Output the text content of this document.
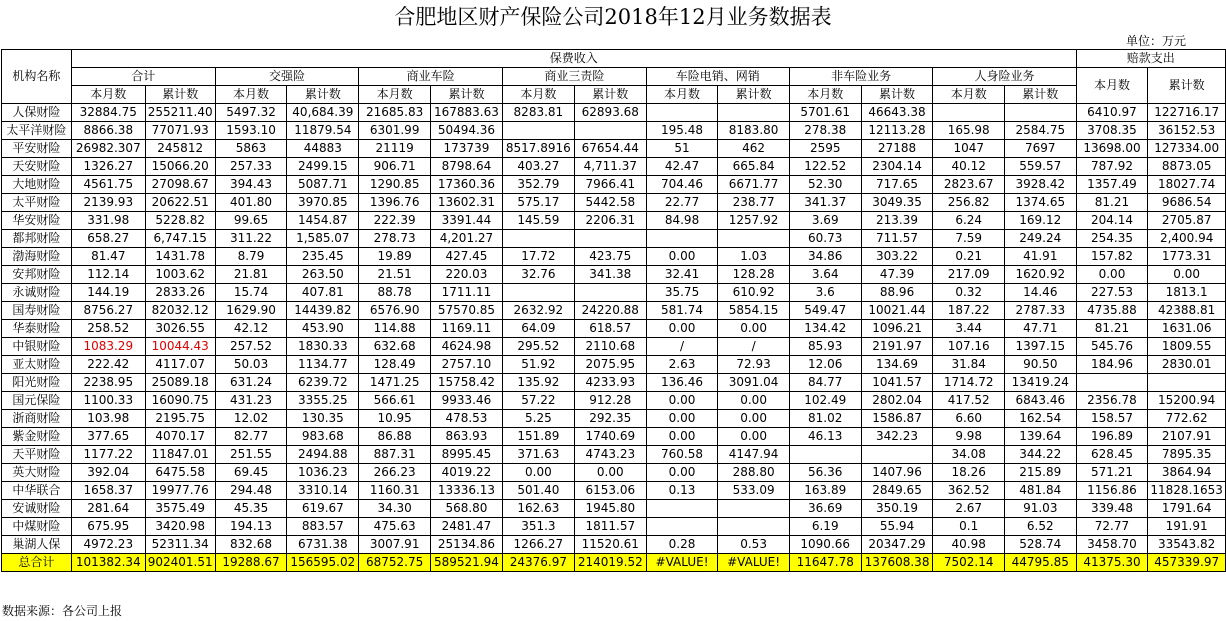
合肥地区财产保险公司2018年12月业务数据表
单位：万元
机构名称	保费收入														赔款支出	
	合计		交强险		商业车险		商业三责险		车险电销、网销		非车险业务		人身险业务		本月数	累计数
	本月数	累计数	本月数	累计数	本月数	累计数	本月数	累计数	本月数	累计数	本月数	累计数	本月数	累计数		
人保财险	32884.75	255211.40	5497.32	40,684.39	21685.83	167883.63	8283.81	62893.68			5701.61	46643.38			6410.97	122716.17
太平洋财险	8866.38	77071.93	1593.10	11879.54	6301.99	50494.36			195.48	8183.80	278.38	12113.28	165.98	2584.75	3708.35	36152.53
平安财险	26982.307	245812	5863	44883	21119	173739	8517.8916	67654.44	51	462	2595	27188	1047	7697	13698.00	127334.00
天安财险	1326.27	15066.20	257.33	2499.15	906.71	8798.64	403.27	4,711.37	42.47	665.84	122.52	2304.14	40.12	559.57	787.92	8873.05
大地财险	4561.75	27098.67	394.43	5087.71	1290.85	17360.36	352.79	7966.41	704.46	6671.77	52.30	717.65	2823.67	3928.42	1357.49	18027.74
太平财险	2139.93	20622.51	401.80	3970.85	1396.76	13602.31	575.17	5442.58	22.77	238.77	341.37	3049.35	256.82	1374.65	81.21	9686.54
华安财险	331.98	5228.82	99.65	1454.87	222.39	3391.44	145.59	2206.31	84.98	1257.92	3.69	213.39	6.24	169.12	204.14	2705.87
都邦财险	658.27	6,747.15	311.22	1,585.07	278.73	4,201.27					60.73	711.57	7.59	249.24	254.35	2,400.94
渤海财险	81.47	1431.78	8.79	235.45	19.89	427.45	17.72	423.75	0.00	1.03	34.86	303.22	0.21	41.91	157.82	1773.31
安邦财险	112.14	1003.62	21.81	263.50	21.51	220.03	32.76	341.38	32.41	128.28	3.64	47.39	217.09	1620.92	0.00	0.00
永诚财险	144.19	2833.26	15.74	407.81	88.78	1711.11			35.75	610.92	3.6	88.96	0.32	14.46	227.53	1813.1
国寿财险	8756.27	82032.12	1629.90	14439.82	6576.90	57570.85	2632.92	24220.88	581.74	5854.15	549.47	10021.44	187.22	2787.33	4735.88	42388.81
华泰财险	258.52	3026.55	42.12	453.90	114.88	1169.11	64.09	618.57	0.00	0.00	134.42	1096.21	3.44	47.71	81.21	1631.06
中银财险	1083.29	10044.43	257.52	1830.33	632.68	4624.98	295.52	2110.68	/	/	85.93	2191.97	107.16	1397.15	545.76	1809.55
亚太财险	222.42	4117.07	50.03	1134.77	128.49	2757.10	51.92	2075.95	2.63	72.93	12.06	134.69	31.84	90.50	184.96	2830.01
阳光财险	2238.95	25089.18	631.24	6239.72	1471.25	15758.42	135.92	4233.93	136.46	3091.04	84.77	1041.57	1714.72	13419.24		
国元保险	1100.33	16090.75	431.23	3355.25	566.61	9933.46	57.22	912.28	0.00	0.00	102.49	2802.04	417.52	6843.46	2356.78	15200.94
浙商财险	103.98	2195.75	12.02	130.35	10.95	478.53	5.25	292.35	0.00	0.00	81.02	1586.87	6.60	162.54	158.57	772.62
紫金财险	377.65	4070.17	82.77	983.68	86.88	863.93	151.89	1740.69	0.00	0.00	46.13	342.23	9.98	139.64	196.89	2107.91
天平财险	1177.22	11847.01	251.55	2494.88	887.31	8995.45	371.63	4743.23	760.58	4147.94			34.08	344.22	628.45	7895.35
英大财险	392.04	6475.58	69.45	1036.23	266.23	4019.22	0.00	0.00	0.00	288.80	56.36	1407.96	18.26	215.89	571.21	3864.94
中华联合	1658.37	19977.76	294.48	3310.14	1160.31	13336.13	501.40	6153.06	0.13	533.09	163.89	2849.65	362.52	481.84	1156.86	11828.1653
安诚财险	281.64	3575.49	45.35	619.67	34.30	568.80	162.63	1945.80			36.69	350.19	2.67	91.03	339.48	1791.64
中煤财险	675.95	3420.98	194.13	883.57	475.63	2481.47	351.3	1811.57			6.19	55.94	0.1	6.52	72.77	191.91
巢湖人保	4972.23	52311.34	832.68	6731.38	3007.91	25134.86	1266.27	11520.61	0.28	0.53	1090.66	20347.29	40.98	528.74	3458.70	33543.82
总合计	101382.34	902401.51	19288.67	156595.02	68752.75	589521.94	24376.97	214019.52	#VALUE!	#VALUE!	11647.78	137608.38	7502.14	44795.85	41375.30	457339.97
数据来源：各公司上报
